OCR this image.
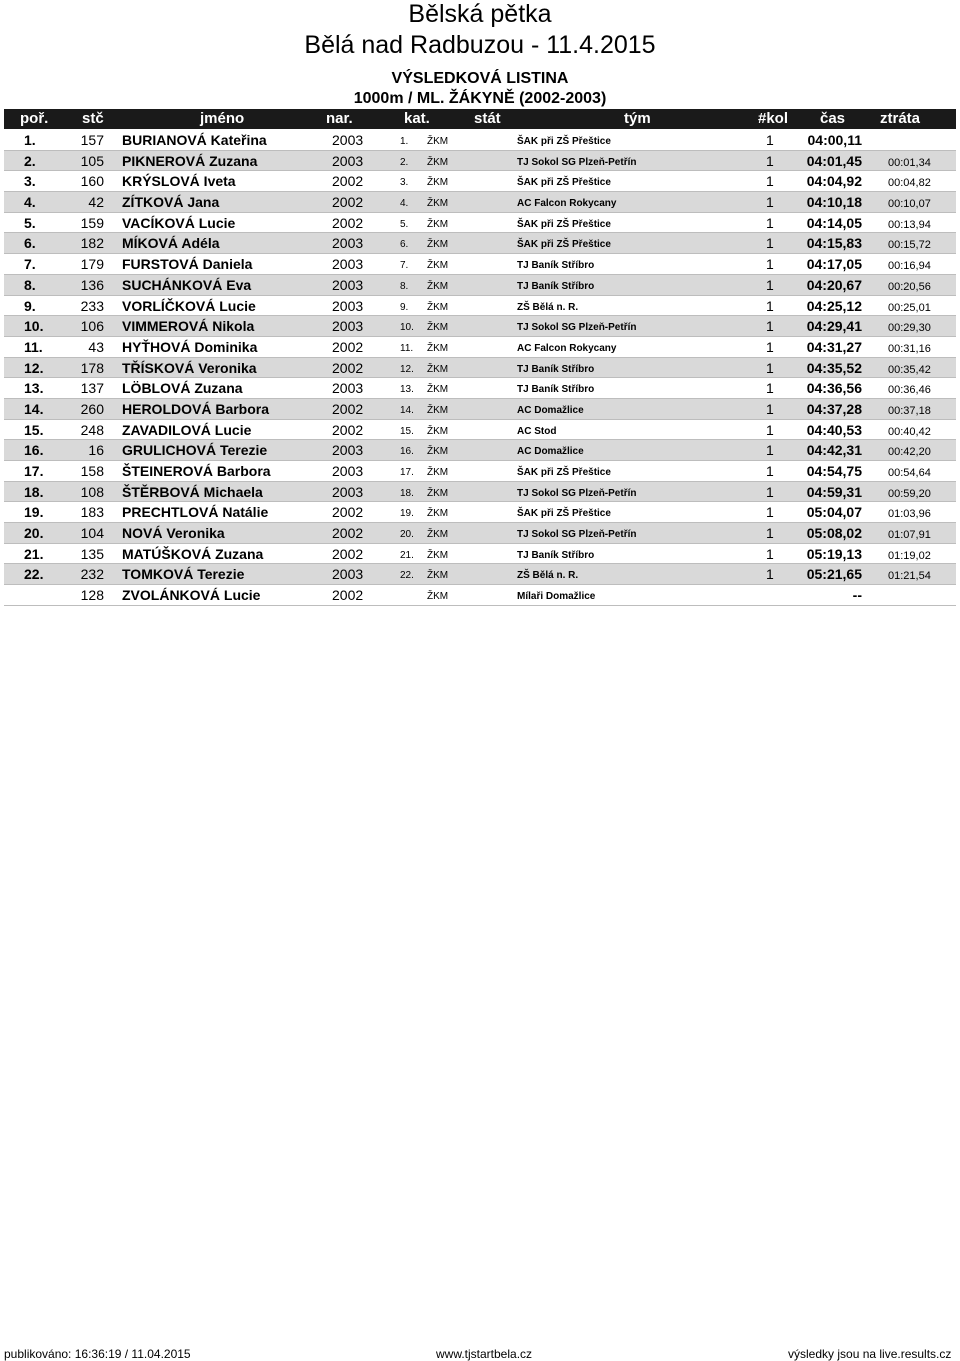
Bělská pětka
Bělá nad Radbuzou - 11.4.2015
VÝSLEDKOVÁ LISTINA
1000m / ML. ŽÁKYNĚ (2002-2003)
poř. stč	jméno	nar.	kat.	stát	tým	#kol čas ztráta
1.	157 BURIANOVÁ Kateřina	2003	1. ŽKM	ŠAK při ZŠ Přeštice	1 04:00,11
2.	105 PIKNEROVÁ Zuzana	2003	2. ŽKM	TJ Sokol SG Plzeň-Petřín	1 04:01,45 00:01,34
3.	160 KRÝSLOVÁ Iveta	2002	3. ŽKM	ŠAK při ZŠ Přeštice	1 04:04,92 00:04,82
4.	42 ZÍTKOVÁ Jana	2002	4. ŽKM	AC Falcon Rokycany	1 04:10,18 00:10,07
5.	159 VACÍKOVÁ Lucie	2002	5. ŽKM	ŠAK při ZŠ Přeštice	1 04:14,05 00:13,94
6.	182 MÍKOVÁ Adéla	2003	6. ŽKM	ŠAK při ZŠ Přeštice	1 04:15,83 00:15,72
7.	179 FURSTOVÁ Daniela	2003	7. ŽKM	TJ Baník Stříbro	1 04:17,05 00:16,94
8.	136 SUCHÁNKOVÁ Eva	2003	8. ŽKM	TJ Baník Stříbro	1 04:20,67 00:20,56
9.	233 VORLÍČKOVÁ Lucie	2003	9. ŽKM	ZŠ Bělá n. R.	1 04:25,12 00:25,01
10.	106 VIMMEROVÁ Nikola	2003	10. ŽKM	TJ Sokol SG Plzeň-Petřín	1 04:29,41 00:29,30
11.	43 HYŤHOVÁ Dominika	2002	11. ŽKM	AC Falcon Rokycany	1 04:31,27 00:31,16
12.	178 TŘÍSKOVÁ Veronika	2002	12. ŽKM	TJ Baník Stříbro	1 04:35,52 00:35,42
13.	137 LÖBLOVÁ Zuzana	2003	13. ŽKM	TJ Baník Stříbro	1 04:36,56 00:36,46
14.	260 HEROLDOVÁ Barbora	2002	14. ŽKM	AC Domažlice	1 04:37,28 00:37,18
15.	248 ZAVADILOVÁ Lucie	2002	15. ŽKM	AC Stod	1 04:40,53 00:40,42
16.	16 GRULICHOVÁ Terezie	2003	16. ŽKM	AC Domažlice	1 04:42,31 00:42,20
17.	158 ŠTEINEROVÁ Barbora	2003	17. ŽKM	ŠAK při ZŠ Přeštice	1 04:54,75 00:54,64
18.	108 ŠTĚRBOVÁ Michaela	2003	18. ŽKM	TJ Sokol SG Plzeň-Petřín	1 04:59,31 00:59,20
19.	183 PRECHTLOVÁ Natálie	2002	19. ŽKM	ŠAK při ZŠ Přeštice	1 05:04,07 01:03,96
20.	104 NOVÁ Veronika	2002	20. ŽKM	TJ Sokol SG Plzeň-Petřín	1 05:08,02 01:07,91
21.	135 MATÚŠKOVÁ Zuzana	2002	21. ŽKM	TJ Baník Stříbro	1 05:19,13 01:19,02
22.	232 TOMKOVÁ Terezie	2003	22. ŽKM	ZŠ Bělá n. R.	1 05:21,65 01:21,54
128 ZVOLÁNKOVÁ Lucie	2002	ŽKM	Mílaři Domažlice	--
publikováno: 16:36:19 / 11.04.2015	www.tjstartbela.cz	výsledky jsou na live.results.cz
